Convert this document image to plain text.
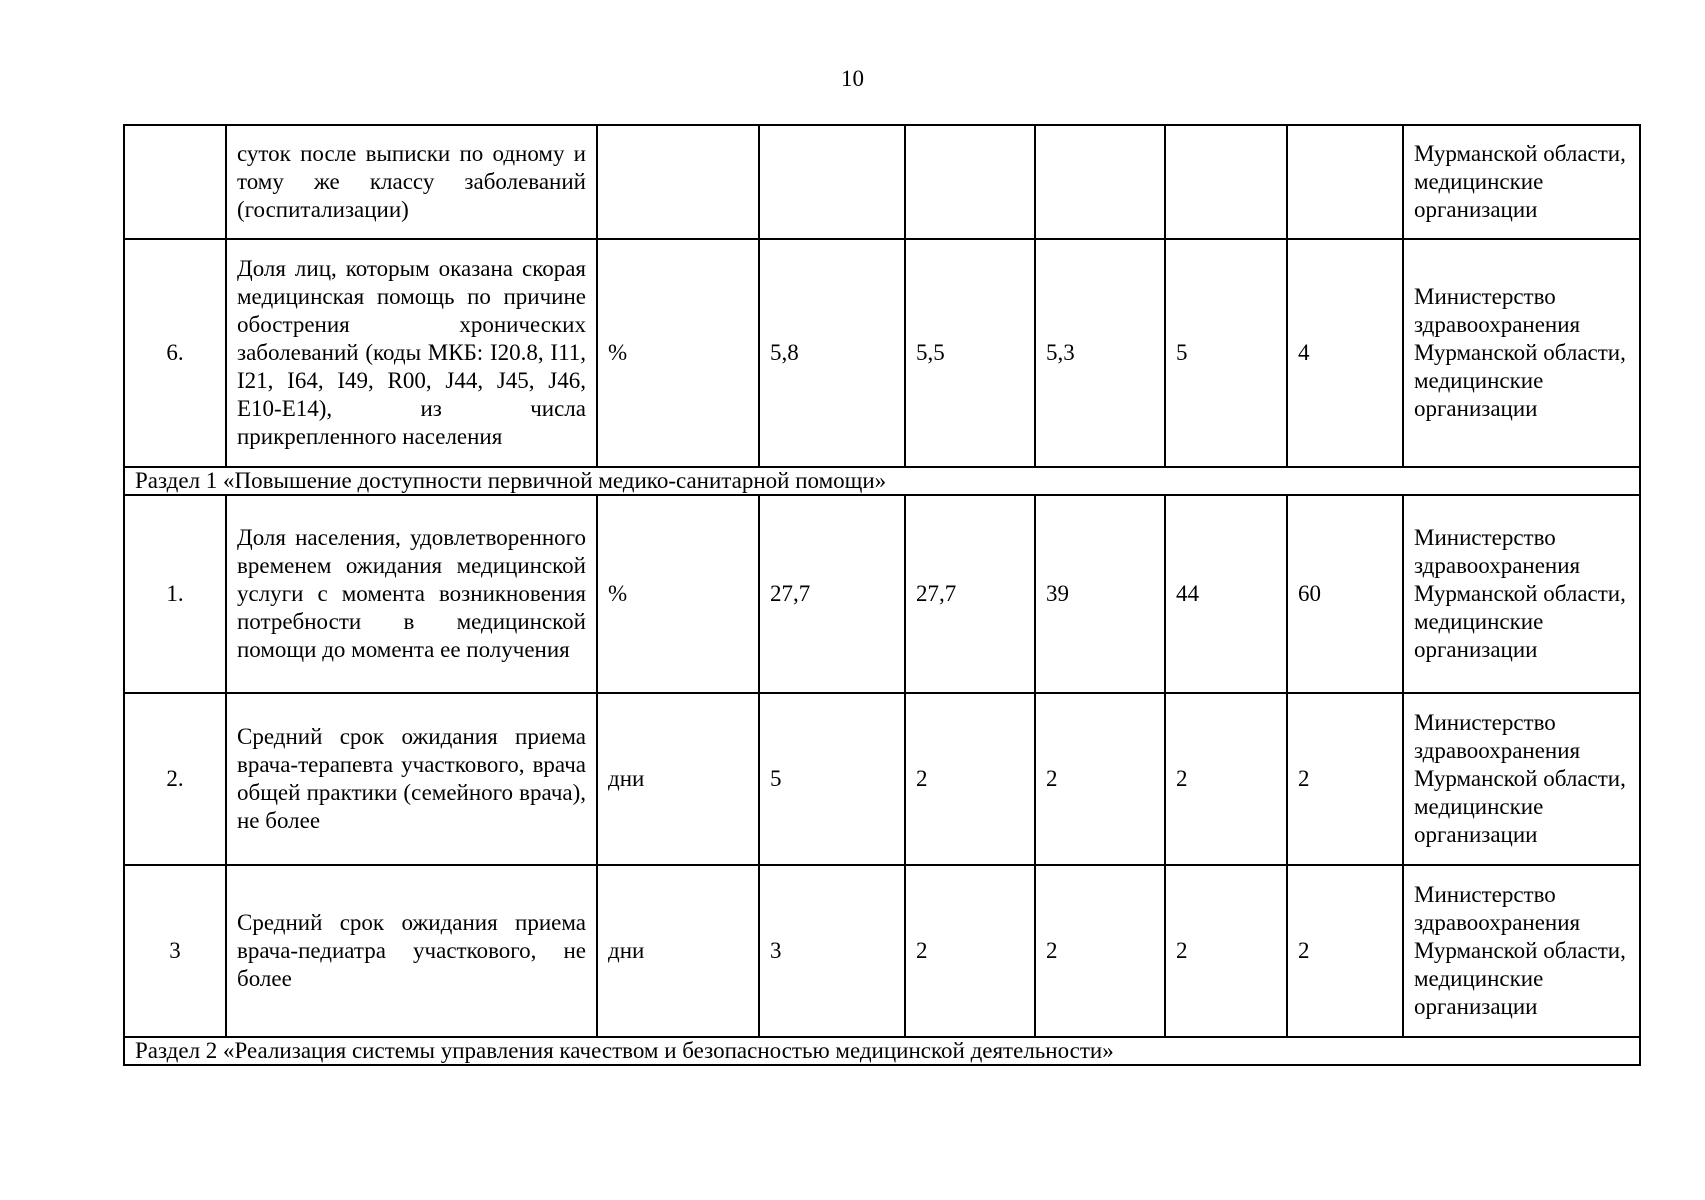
10
	суток после выписки по одному и тому же классу заболеваний (госпитализации)							Мурманской области, медицинские организации
6.	Доля лиц, которым оказана скорая медицинская помощь по причине обострения хронических заболеваний (коды МКБ: I20.8, I11, I21, I64, I49, R00, J44, J45, J46, E10-E14), из числа прикрепленного населения	%	5,8	5,5	5,3	5	4	Министерство здравоохранения Мурманской области, медицинские организации
Раздел 1 «Повышение доступности первичной медико-санитарной помощи»								
1.	Доля населения, удовлетворенного временем ожидания медицинской услуги с момента возникновения потребности в медицинской помощи до момента ее получения	%	27,7	27,7	39	44	60	Министерство здравоохранения Мурманской области, медицинские организации
2.	Средний срок ожидания приема врача-терапевта участкового, врача общей практики (семейного врача), не более	дни	5	2	2	2	2	Министерство здравоохранения Мурманской области, медицинские организации
3	Средний срок ожидания приема врача-педиатра участкового, не более	дни	3	2	2	2	2	Министерство здравоохранения Мурманской области, медицинские организации
Раздел 2 «Реализация системы управления качеством и безопасностью медицинской деятельности»								
